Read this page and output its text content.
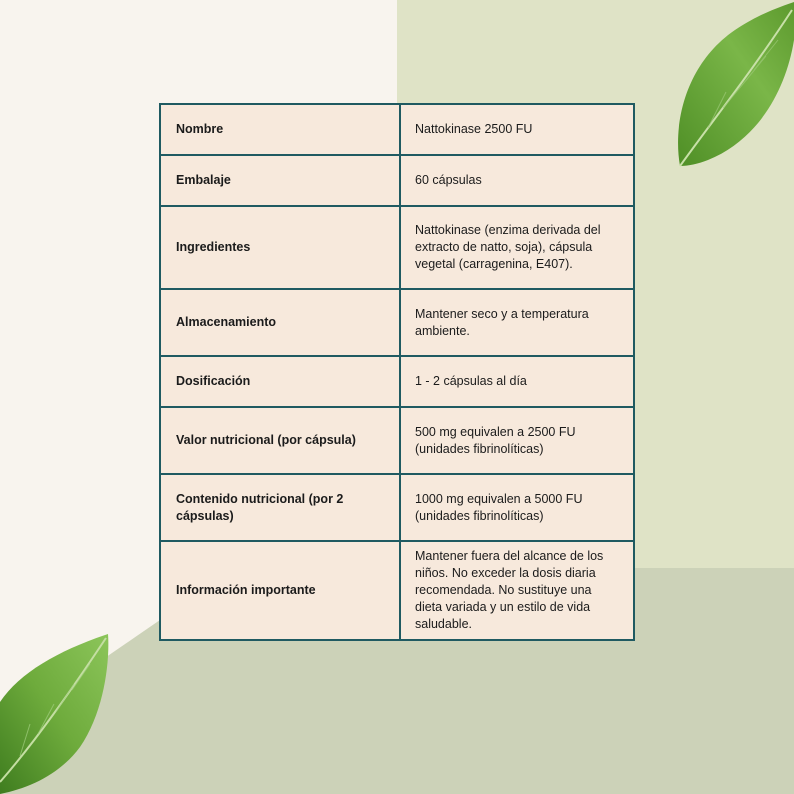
Nombre	Nattokinase 2500 FU
Embalaje	60 cápsulas
Ingredientes	Nattokinase (enzima derivada del extracto de natto, soja), cápsula vegetal (carragenina, E407).
Almacenamiento	Mantener seco y a temperatura ambiente.
Dosificación	1 - 2 cápsulas al día
Valor nutricional (por cápsula)	500 mg equivalen a 2500 FU (unidades fibrinolíticas)
Contenido nutricional (por 2 cápsulas)	1000 mg equivalen a 5000 FU (unidades fibrinolíticas)
Información importante	Mantener fuera del alcance de los niños. No exceder la dosis diaria recomendada. No sustituye una dieta variada y un estilo de vida saludable.
